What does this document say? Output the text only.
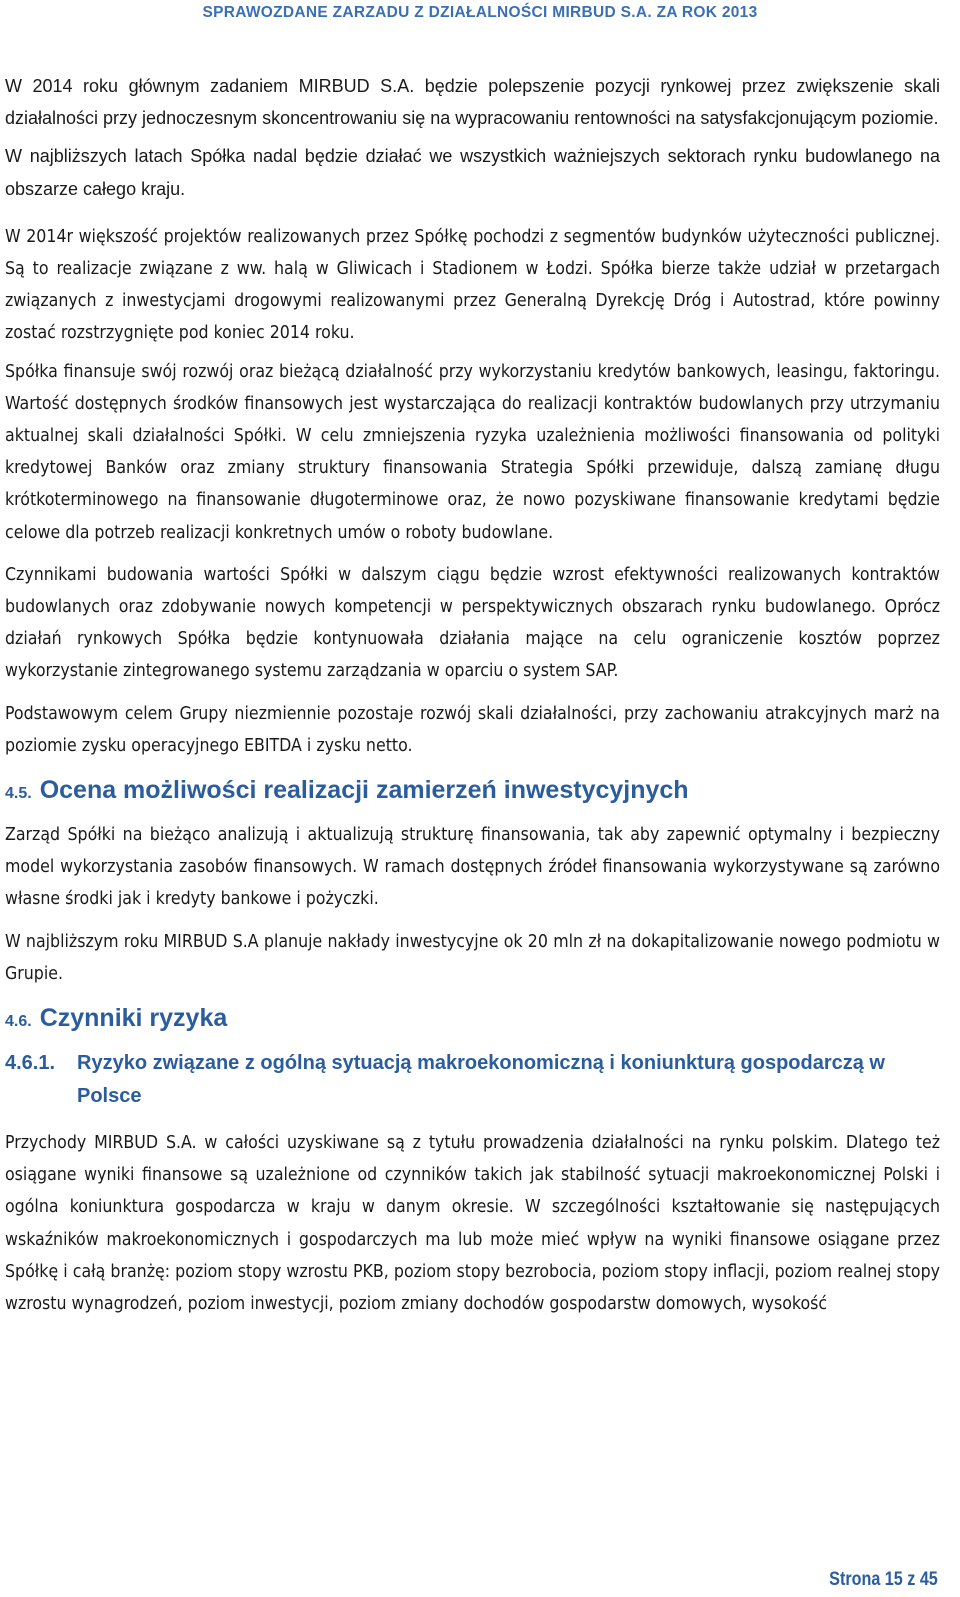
SPRAWOZDANE ZARZADU Z DZIAŁALNOŚCI MIRBUD S.A. ZA ROK 2013

W 2014 roku głównym zadaniem MIRBUD S.A. będzie polepszenie pozycji rynkowej przez zwiększenie skali działalności przy jednoczesnym skoncentrowaniu się na wypracowaniu rentowności na satysfakcjonującym poziomie.

W najbliższych latach Spółka nadal będzie działać we wszystkich ważniejszych sektorach rynku budowlanego na obszarze całego kraju.

W 2014r większość projektów realizowanych przez Spółkę pochodzi z segmentów budynków użyteczności publicznej. Są to realizacje związane z ww. halą w Gliwicach i Stadionem w Łodzi. Spółka bierze także udział w przetargach związanych z inwestycjami drogowymi realizowanymi przez Generalną Dyrekcję Dróg i Autostrad, które powinny zostać rozstrzygnięte pod koniec 2014 roku.

Spółka finansuje swój rozwój oraz bieżącą działalność przy wykorzystaniu kredytów bankowych, leasingu, faktoringu. Wartość dostępnych środków finansowych jest wystarczająca do realizacji kontraktów budowlanych przy utrzymaniu aktualnej skali działalności Spółki. W celu zmniejszenia ryzyka uzależnienia możliwości finansowania od polityki kredytowej Banków oraz zmiany struktury finansowania Strategia Spółki przewiduje, dalszą zamianę długu krótkoterminowego na finansowanie długoterminowe oraz, że nowo pozyskiwane finansowanie kredytami będzie celowe dla potrzeb realizacji konkretnych umów o roboty budowlane.

Czynnikami budowania wartości Spółki w dalszym ciągu będzie wzrost efektywności realizowanych kontraktów budowlanych oraz zdobywanie nowych kompetencji w perspektywicznych obszarach rynku budowlanego. Oprócz działań rynkowych Spółka będzie kontynuowała działania mające na celu ograniczenie kosztów poprzez wykorzystanie zintegrowanego systemu zarządzania w oparciu o system SAP.

Podstawowym celem Grupy niezmiennie pozostaje rozwój skali działalności, przy zachowaniu atrakcyjnych marż na poziomie zysku operacyjnego EBITDA i zysku netto.

4.5. Ocena możliwości realizacji zamierzeń inwestycyjnych

Zarząd Spółki na bieżąco analizują i aktualizują strukturę finansowania, tak aby zapewnić optymalny i bezpieczny model wykorzystania zasobów finansowych. W ramach dostępnych źródeł finansowania wykorzystywane są zarówno własne środki jak i kredyty bankowe i pożyczki.

W najbliższym roku MIRBUD S.A planuje nakłady inwestycyjne ok 20 mln zł na dokapitalizowanie nowego podmiotu w Grupie.

4.6. Czynniki ryzyka
4.6.1.	Ryzyko związane z ogólną sytuacją makroekonomiczną i koniunkturą gospodarczą w Polsce

Przychody MIRBUD S.A. w całości uzyskiwane są z tytułu prowadzenia działalności na rynku polskim. Dlatego też osiągane wyniki finansowe są uzależnione od czynników takich jak stabilność sytuacji makroekonomicznej Polski i ogólna koniunktura gospodarcza w kraju w danym okresie. W szczególności kształtowanie się następujących wskaźników makroekonomicznych i gospodarczych ma lub może mieć wpływ na wyniki finansowe osiągane przez Spółkę i całą branżę: poziom stopy wzrostu PKB, poziom stopy bezrobocia, poziom stopy inflacji, poziom realnej stopy wzrostu wynagrodzeń, poziom inwestycji, poziom zmiany dochodów gospodarstw domowych, wysokość

Strona 15 z 45
